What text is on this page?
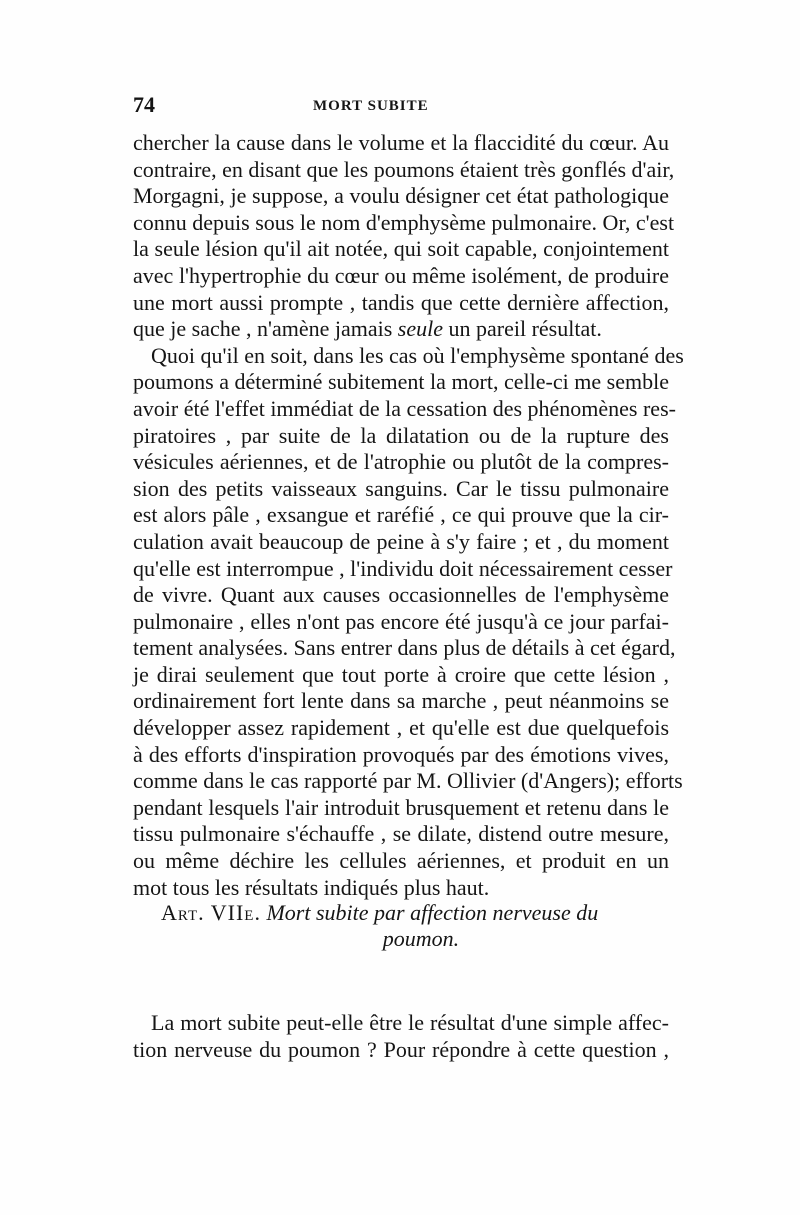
74	MORT SUBITE
chercher la cause dans le volume et la flaccidité du cœur. Au
contraire, en disant que les poumons étaient très gonflés d'air,
Morgagni, je suppose, a voulu désigner cet état pathologique
connu depuis sous le nom d'emphysème pulmonaire. Or, c'est
la seule lésion qu'il ait notée, qui soit capable, conjointement
avec l'hypertrophie du cœur ou même isolément, de produire
une mort aussi prompte , tandis que cette dernière affection,
que je sache , n'amène jamais seule un pareil résultat.
Quoi qu'il en soit, dans les cas où l'emphysème spontané des
poumons a déterminé subitement la mort, celle-ci me semble
avoir été l'effet immédiat de la cessation des phénomènes res-
piratoires , par suite de la dilatation ou de la rupture des
vésicules aériennes, et de l'atrophie ou plutôt de la compres-
sion des petits vaisseaux sanguins. Car le tissu pulmonaire
est alors pâle , exsangue et raréfié , ce qui prouve que la cir-
culation avait beaucoup de peine à s'y faire ; et , du moment
qu'elle est interrompue , l'individu doit nécessairement cesser
de vivre. Quant aux causes occasionnelles de l'emphysème
pulmonaire , elles n'ont pas encore été jusqu'à ce jour parfai-
tement analysées. Sans entrer dans plus de détails à cet égard,
je dirai seulement que tout porte à croire que cette lésion ,
ordinairement fort lente dans sa marche , peut néanmoins se
développer assez rapidement , et qu'elle est due quelquefois
à des efforts d'inspiration provoqués par des émotions vives,
comme dans le cas rapporté par M. Ollivier (d'Angers); efforts
pendant lesquels l'air introduit brusquement et retenu dans le
tissu pulmonaire s'échauffe , se dilate, distend outre mesure,
ou même déchire les cellules aériennes, et produit en un
mot tous les résultats indiqués plus haut.
Art. VIIe. Mort subite par affection nerveuse du
poumon.
La mort subite peut-elle être le résultat d'une simple affec-
tion nerveuse du poumon ? Pour répondre à cette question ,
